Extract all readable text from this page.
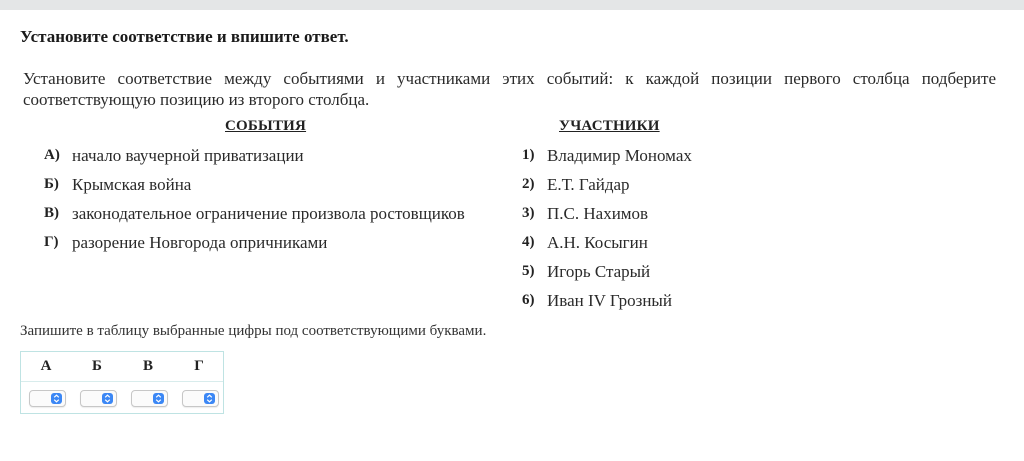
Установите соответствие и впишите ответ.
Установите соответствие между событиями и участниками этих событий: к каждой позиции первого столбца подберите соответствующую позицию из второго столбца.
СОБЫТИЯ	УЧАСТНИКИ
А) начало ваучерной приватизации
Б) Крымская война
В) законодательное ограничение произвола ростовщиков
Г) разорение Новгорода опричниками
1) Владимир Мономах
2) Е.Т. Гайдар
3) П.С. Нахимов
4) А.Н. Косыгин
5) Игорь Старый
6) Иван IV Грозный
Запишите в таблицу выбранные цифры под соответствующими буквами.
А	Б	В	Г
